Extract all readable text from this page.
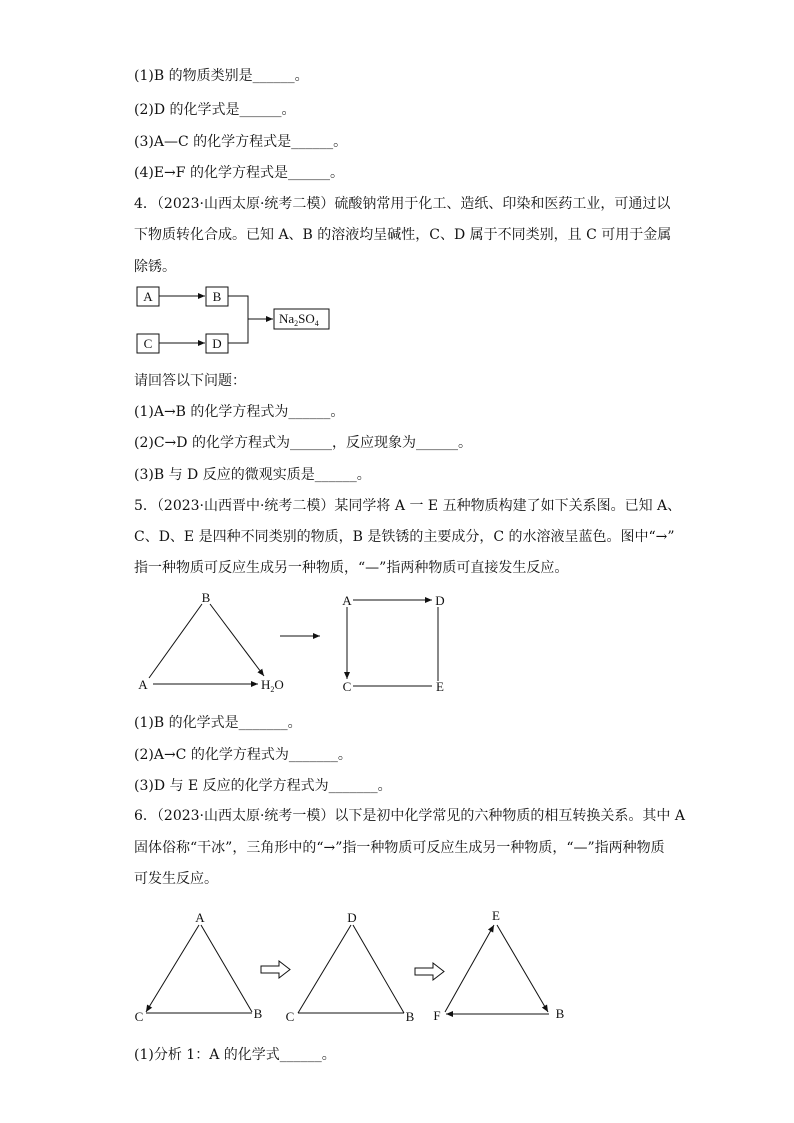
(1)B 的物质类别是______。
(2)D 的化学式是______。
(3)A—C 的化学方程式是______。
(4)E→F 的化学方程式是______。
4．（2023·山西太原·统考二模）硫酸钠常用于化工、造纸、印染和医药工业，可通过以
下物质转化合成。已知 A、B 的溶液均呈碱性，C、D 属于不同类别，且 C 可用于金属
除锈。
A	B
C	D
$Na_2SO_4$
B
A	$H_2O$
A	D
C	E
A
C	B
D
C	B
E
F	B
请回答以下问题：
(1)A→B 的化学方程式为______。
(2)C→D 的化学方程式为______，反应现象为______。
(3)B 与 D 反应的微观实质是______。
5．（2023·山西晋中·统考二模）某同学将 A 一 E 五种物质构建了如下关系图。已知 A、
C、D、E 是四种不同类别的物质，B 是铁锈的主要成分，C 的水溶液呈蓝色。图中“→”
指一种物质可反应生成另一种物质，“—”指两种物质可直接发生反应。
(1)B 的化学式是_______。
(2)A→C 的化学方程式为_______。
(3)D 与 E 反应的化学方程式为_______。
6．（2023·山西太原·统考一模）以下是初中化学常见的六种物质的相互转换关系。其中 A
固体俗称“干冰”，三角形中的“→”指一种物质可反应生成另一种物质，“—”指两种物质
可发生反应。
(1)分析 1：A 的化学式______。
